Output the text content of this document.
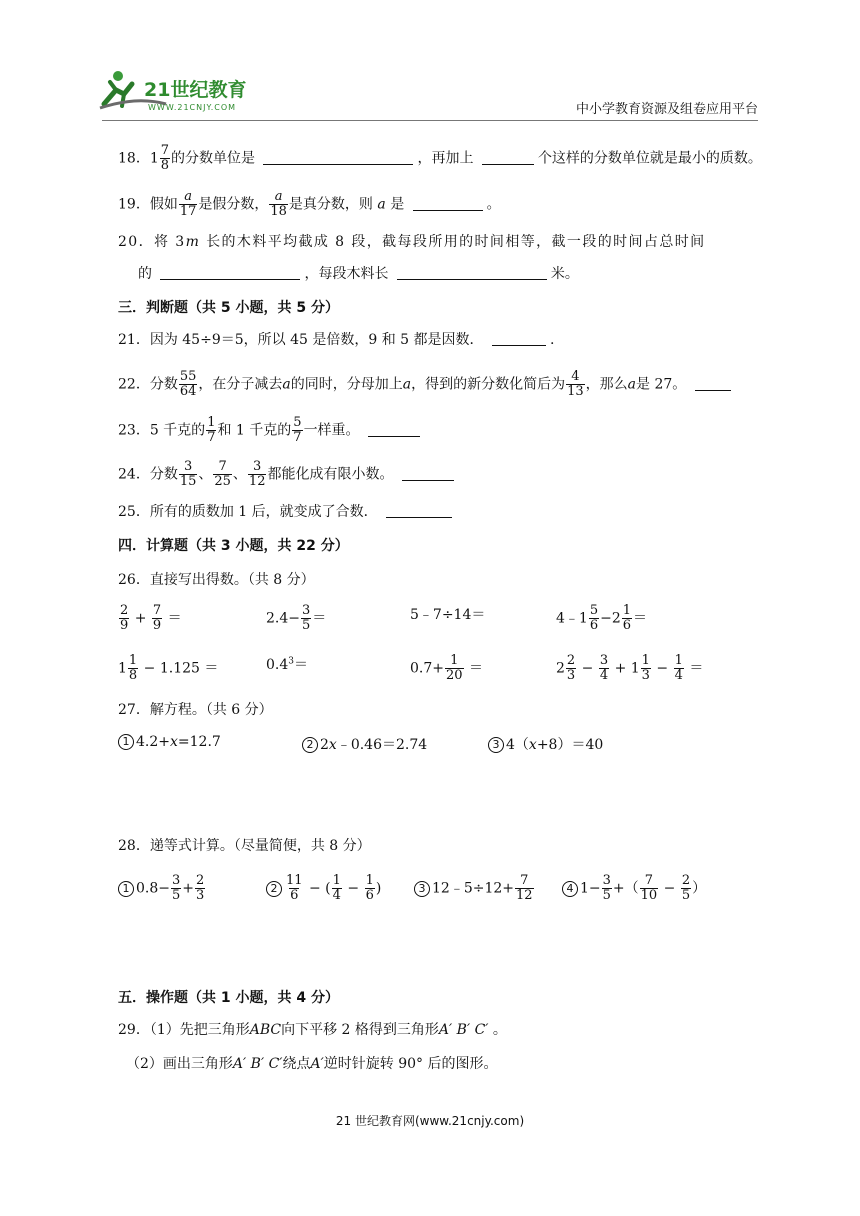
21世纪教育
WWW.21CNJY.COM	中小学教育资源及组卷应用平台
18．$1 \frac{7}{8}$ 的分数单位是	，再加上	个这样的分数单位就是最小的质数。
19．假如 $\frac{a}{17}$ 是假分数， $\frac{a}{18}$ 是真分数，则 a 是	。
20．将 3m 长的木料平均截成 8 段，截每段所用的时间相等，截一段的时间占总时间
的	，每段木料长	米。
三．判断题（共 5 小题，共 5 分）
21．因为 45÷9＝5，所以 45 是倍数，9 和 5 都是因数．	.
22．分数 $\frac{55}{64}$ ，在分子减去a的同时，分母加上a，得到的新分数化简后为 $\frac{4}{13}$ ，那么a是 27。
23．5 千克的 $\frac{1}{7}$ 和 1 千克的 $\frac{5}{7}$ 一样重。
24．分数 $\frac{3}{15}$ 、 $\frac{7}{25}$ 、 $\frac{3}{12}$ 都能化成有限小数。
25．所有的质数加 1 后，就变成了合数．
四．计算题（共 3 小题，共 22 分）
26．直接写出得数。（共 8 分）
$\frac{2}{9} + \frac{7}{9}$ ＝	$2.4- \frac{3}{5}$ ＝	5﹣7÷14＝	4﹣1 $\frac{5}{6} -2 \frac{1}{6}$ ＝
$1 \frac{1}{8} - 1.125$ ＝	$0.4^3=$	$0.7+ \frac{1}{20}$ ＝	$2 \frac{2}{3} - \frac{3}{4} + 1 \frac{1}{3} - \frac{1}{4}$ ＝
27．解方程。（共 6 分）
1 4.2+x=12.7	2 2x﹣0.46＝2.74	3 4（x+8）＝40
28．递等式计算。（尽量简便，共 8 分）
1 $0.8- \frac{3}{5} + \frac{2}{3}$	$2 \frac{11}{6}$ − ( $\frac{1}{4} - \frac{1}{6}$ )	3 12﹣5÷12+ $\frac{7}{12}$	4 $1- \frac{3}{5}$ +（ $\frac{7}{10} - \frac{2}{5}$ ）
五．操作题（共 1 小题，共 4 分）
29．（1）先把三角形ABC向下平移 2 格得到三角形A′ B′ C′ 。
（2）画出三角形A′ B′ C′绕点A′逆时针旋转 90° 后的图形。
21 世纪教育网(www.21cnjy.com)
